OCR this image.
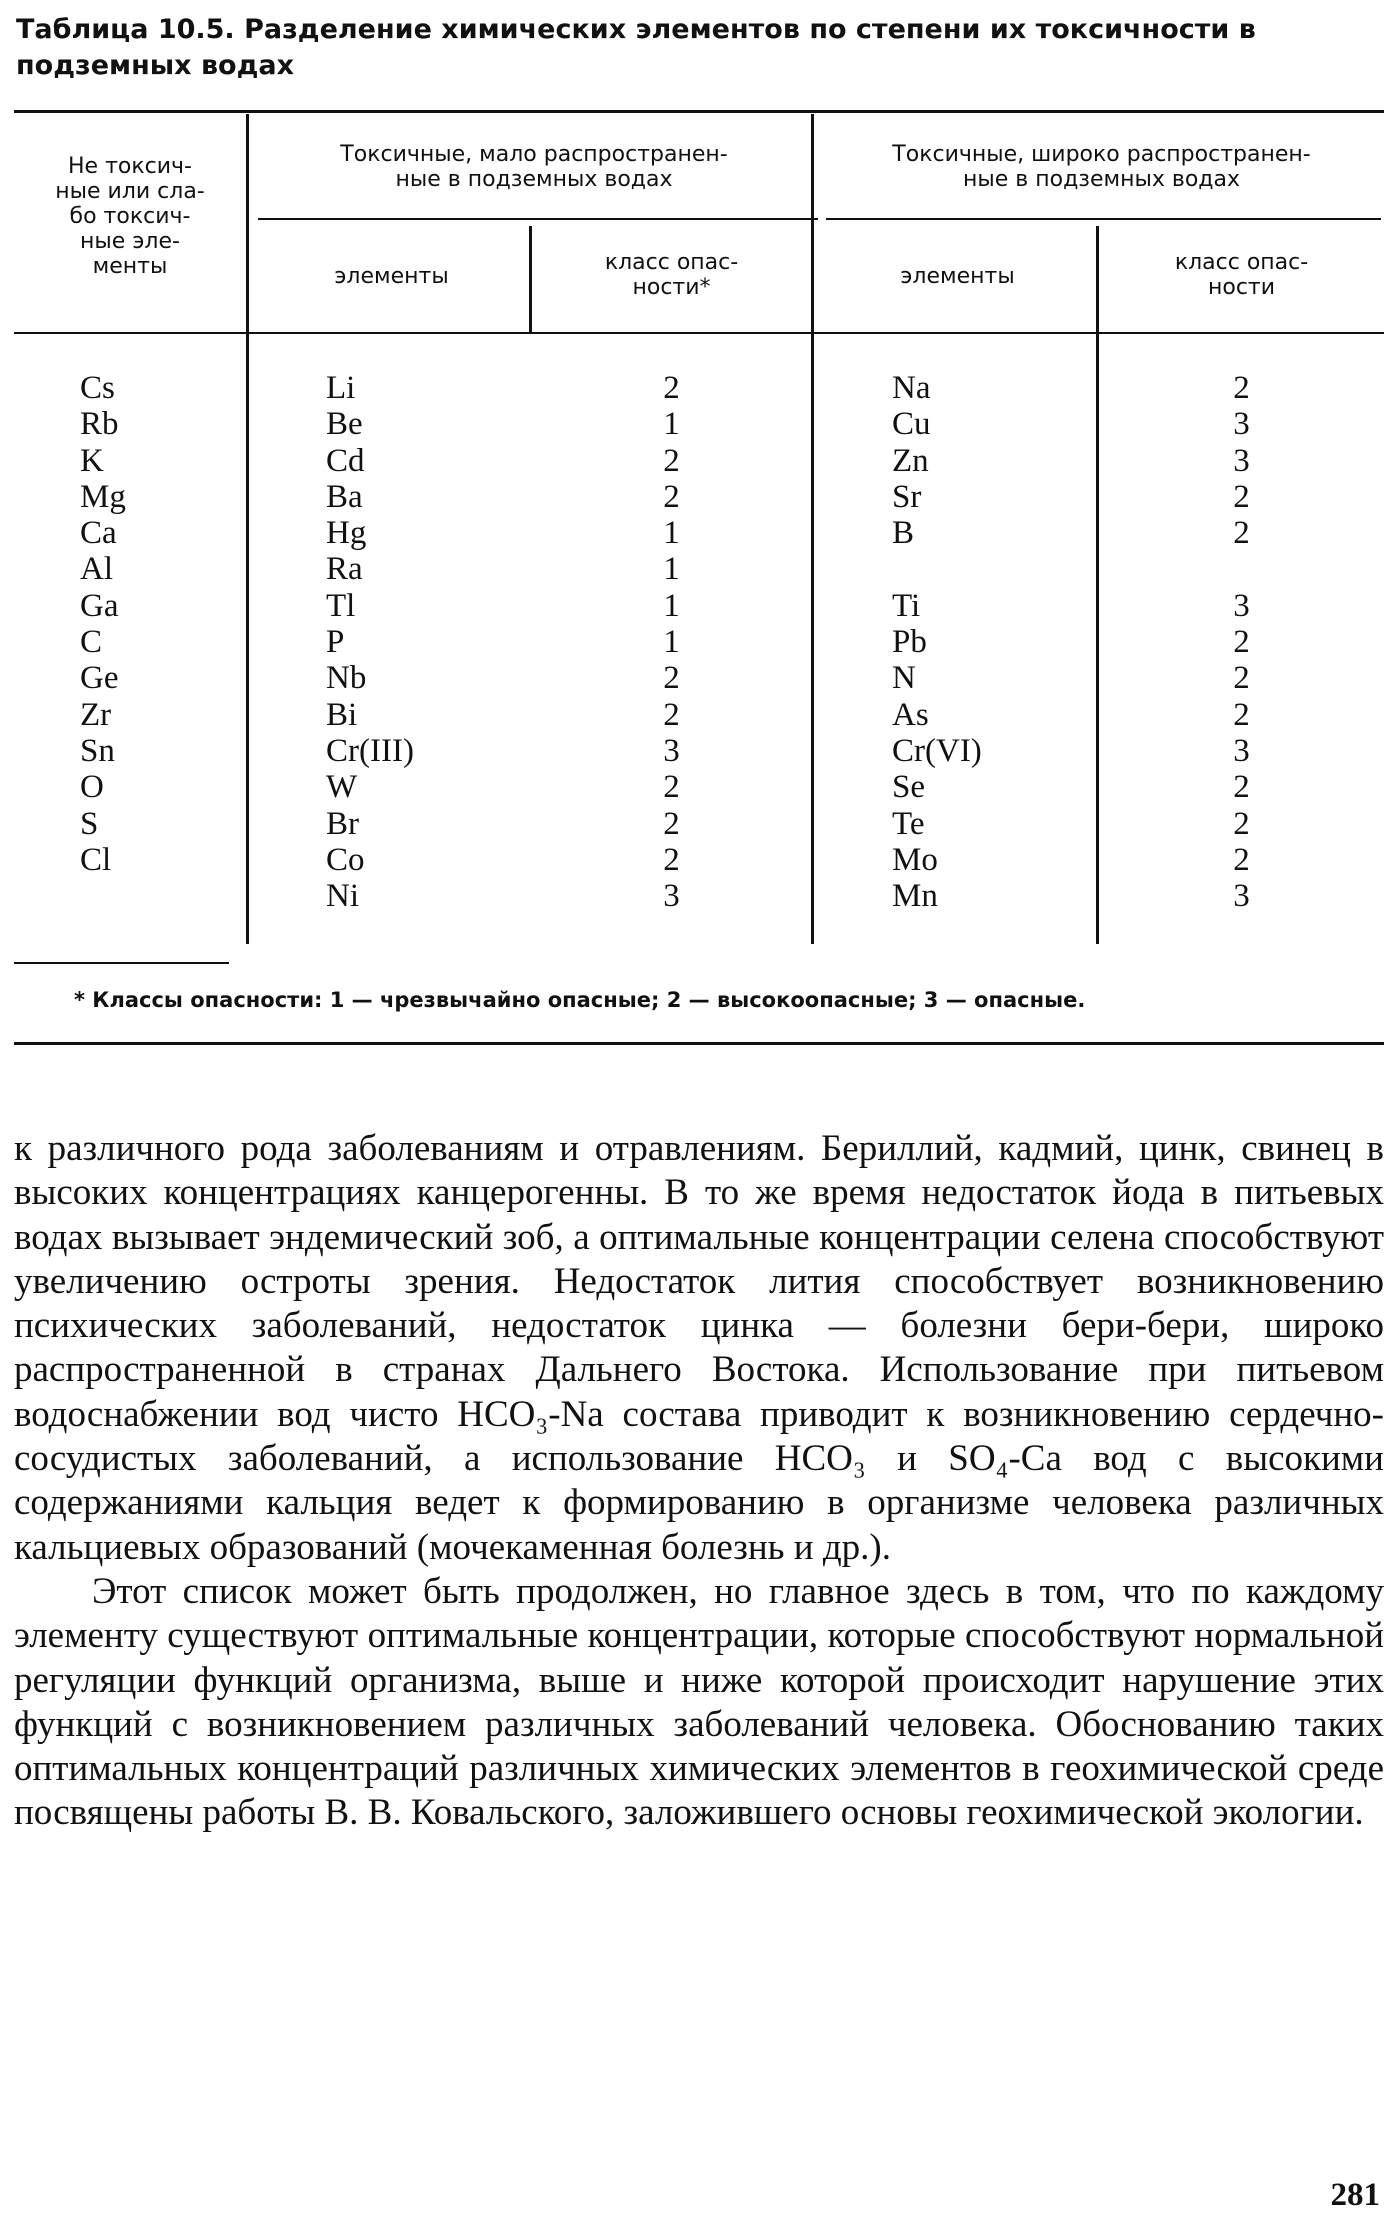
Таблица 10.5. Разделение химических элементов по степени их токсичности в подземных водах

Не токсич-
ные или сла-
бо токсич-
ные эле-
менты
Токсичные, мало распространен-
ные в подземных водах
элементы
класс опас-
ности*
Токсичные, широко распространен-
ные в подземных водах
элементы
класс опас-
ности
Cs
Rb
K
Mg
Ca
Al
Ga
C
Ge
Zr
Sn
O
S
Cl
Li
Be
Cd
Ba
Hg
Ra
Tl
P
Nb
Bi
Cr(III)
W
Br
Co
Ni
2
1
2
2
1
1
1
1
2
2
3
2
2
2
3
Na
Cu
Zn
Sr
B
Ti
Pb
N
As
Cr(VI)
Se
Te
Mo
Mn
2
3
3
2
2
3
2
2
2
3
2
2
2
3
* Классы опасности: 1 — чрезвычайно опасные; 2 — высокоопасные; 3 — опасные.

к различного рода заболеваниям и отравлениям. Бериллий, кадмий, цинк, свинец в высоких концентрациях канцерогенны. В то же время недостаток йода в питьевых водах вызывает эндемический зоб, а оптимальные концентрации селена способствуют увеличению остроты зрения. Недостаток лития способствует возникновению психических заболеваний, недостаток цинка — болезни бери-бери, широко распространенной в странах Дальнего Востока. Использование при питьевом водоснабжении вод чисто HCO₃-Na состава приводит к возникновению сердечно-сосудистых заболеваний, а использование HCO₃ и SO₄-Ca вод с высокими содержаниями кальция ведет к формированию в организме человека различных кальциевых образований (мочекаменная болезнь и др.).

Этот список может быть продолжен, но главное здесь в том, что по каждому элементу существуют оптимальные концентрации, которые способствуют нормальной регуляции функций организма, выше и ниже которой происходит нарушение этих функций с возникновением различных заболеваний человека. Обоснованию таких оптимальных концентраций различных химических элементов в геохимической среде посвящены работы В. В. Ковальского, заложившего основы геохимической экологии.

281
